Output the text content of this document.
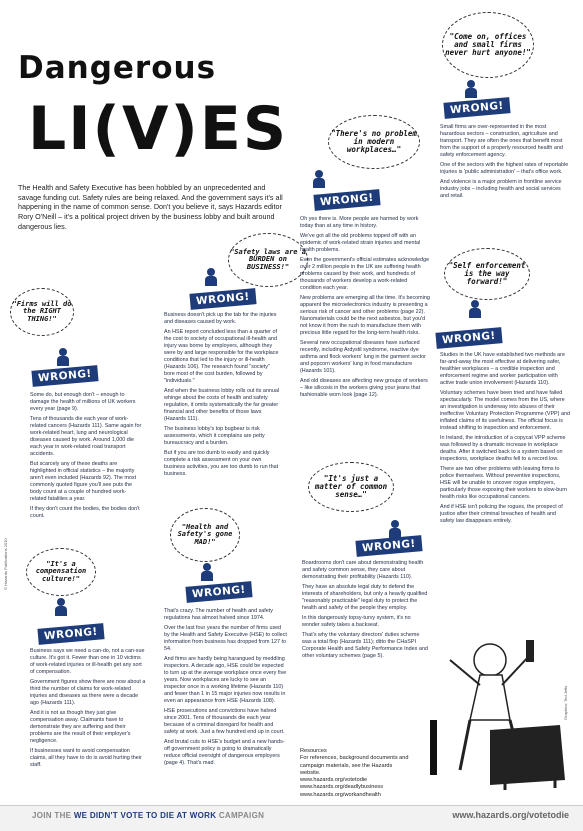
Dangerous
LI(V)ES
The Health and Safety Executive has been hobbled by an unprecedented and savage funding cut. Safety rules are being relaxed. And the government says it's all happening in the name of common sense. Don't you believe it, says Hazards editor Rory O'Neill – it's a political project driven by the business lobby and built around dangerous lies.
"Firms will do the RIGHT THING!"
"Safety laws are a BURDEN on BUSINESS!"
"There's no problem in modern workplaces…"
"Come on, offices and small firms never hurt anyone!"
"Self enforcement is the way forward!"
"It's just a matter of common sense…"
"Health and Safety's gone MAD!"
"It's a compensation culture!"
WRONG!
WRONG!
WRONG!
WRONG!
WRONG!
WRONG!
WRONG!
WRONG!

Some do, but enough don't – enough to damage the health of millions of UK workers every year (page 9).

Tens of thousands die each year of work-related cancers (Hazards 111). Same again for work-related heart, lung and neurological diseases caused by work. Around 1,000 die each year in work-related road transport accidents.

But scarcely any of these deaths are highlighted in official statistics – the majority aren't even included (Hazards 92). The most commonly quoted figure you'll see puts the body count at a couple of hundred work-related fatalities a year.

If they don't count the bodies, the bodies don't count.

Business doesn't pick up the tab for the injuries and diseases caused by work.

An HSE report concluded less than a quarter of the cost to society of occupational ill-health and injury was borne by employers, although they were by and large responsible for the workplace conditions that led to the injury or ill-health (Hazards 106). The research found "society" bore most of the cost burden, followed by "individuals."

And when the business lobby rolls out its annual whinge about the costs of health and safety regulation, it omits systematically the far greater financial and other benefits of those laws (Hazards 111).

The business lobby's top bugbear is risk assessments, which it complains are petty bureaucracy and a burden.

But if you are too dumb to easily and quickly complete a risk assessment on your own business activities, you are too dumb to run that business.

Oh yes there is. More people are harmed by work today than at any time in history.

We've got all the old problems topped off with an epidemic of work-related strain injuries and mental health problems.

Even the government's official estimates acknowledge over 2 million people in the UK are suffering health problems caused by their work, and hundreds of thousands of workers develop a work-related condition each year.

New problems are emerging all the time. It's becoming apparent the microelectronics industry is presenting a serious risk of cancer and other problems (page 22). Nanomaterials could be the next asbestos, but you'd not know it from the rush to manufacture them with precious little regard for the long-term health risks.

Several new occupational diseases have surfaced recently, including Ardystil syndrome, reactive dye asthma and flock workers' lung in the garment sector and popcorn workers' lung in food manufacture (Hazards 101).

And old diseases are affecting new groups of workers – like silicosis in the workers giving your jeans that fashionable worn look (page 12).

Small firms are over-represented in the most hazardous sectors – construction, agriculture and transport. They are often the ones that benefit most from the support of a properly resourced health and safety enforcement agency.

One of the sectors with the highest rates of reportable injuries is 'public administration' – that's office work.

And violence is a major problem in frontline service industry jobs – including health and social services and retail.

Studies in the UK have established two methods are far-and-away the most effective at delivering safer, healthier workplaces – a credible inspection and enforcement regime and worker participation with active trade union involvement (Hazards 110).

Voluntary schemes have been tried and have failed spectacularly. The model comes from the US, where an investigation is underway into abuses of their ineffective Voluntary Protection Programme (VPP) and inflated claims of its usefulness. The official focus is instead shifting to inspection and enforcement.

In Ireland, the introduction of a copycat VPP scheme was followed by a dramatic increase in workplace deaths. After it switched back to a system based on inspections, workplace deaths fell to a record low.

There are two other problems with leaving firms to police themselves. Without preventive inspections, HSE will be unable to uncover rogue employers, particularly those exposing their workers to slow-burn health risks like occupational cancers.

And if HSE isn't policing the rogues, the prospect of justice after their criminal breaches of health and safety law disappears entirely.

Boardrooms don't care about demonstrating health and safety common sense, they care about demonstrating their profitability (Hazards 110).

They have an absolute legal duty to defend the interests of shareholders, but only a heavily qualified "reasonably practicable" legal duty to protect the health and safety of the people they employ.

In this dangerously topsy-turvy system, it's no wonder safety takes a backseat.

That's why the voluntary directors' duties scheme was a total flop (Hazards 111); ditto the CHaSPI Corporate Health and Safety Performance Index and other voluntary schemes (page 5).

That's crazy. The number of health and safety regulations has almost halved since 1974.

Over the last four years the number of firms used by the Health and Safety Executive (HSE) to collect information from business has dropped from 127 to 54.

And firms are hardly being harangued by meddling inspectors. A decade ago, HSE could be expected to turn up at the average workplace once every five years. Now workplaces are lucky to see an inspector once in a working lifetime (Hazards 110) and fewer than 1 in 15 major injuries now results in even an appearance from HSE (Hazards 108).

HSE prosecutions and convictions have halved since 2001. Tens of thousands die each year because of a criminal disregard for health and safety at work. Just a few hundred end up in court.

And brutal cuts to HSE's budget and a new hands-off government policy is going to dramatically reduce official oversight of dangerous employers (page 4). That's mad.

Business says we need a can-do, not a can-sue culture. It's got it. Fewer than one in 10 victims of work-related injuries or ill-health get any sort of compensation.

Government figures show there are now about a third the number of claims for work-related injuries and diseases as there were a decade ago (Hazards 111).

And it is not as though they just give compensation away. Claimants have to demonstrate they are suffering and their problems are the result of their employer's negligence.

If businesses want to avoid compensation claims, all they have to do is avoid hurting their staff.

Resources
For references, background documents and campaign materials, see the Hazards website.
www.hazards.org/votetodie
www.hazards.org/deadlybusiness
www.hazards.org/workandhealth
© Hazards Publications 2010
Graphics: Ted Jeffs
JOIN THE WE DIDN'T VOTE TO DIE AT WORK CAMPAIGN	www.hazards.org/votetodie
